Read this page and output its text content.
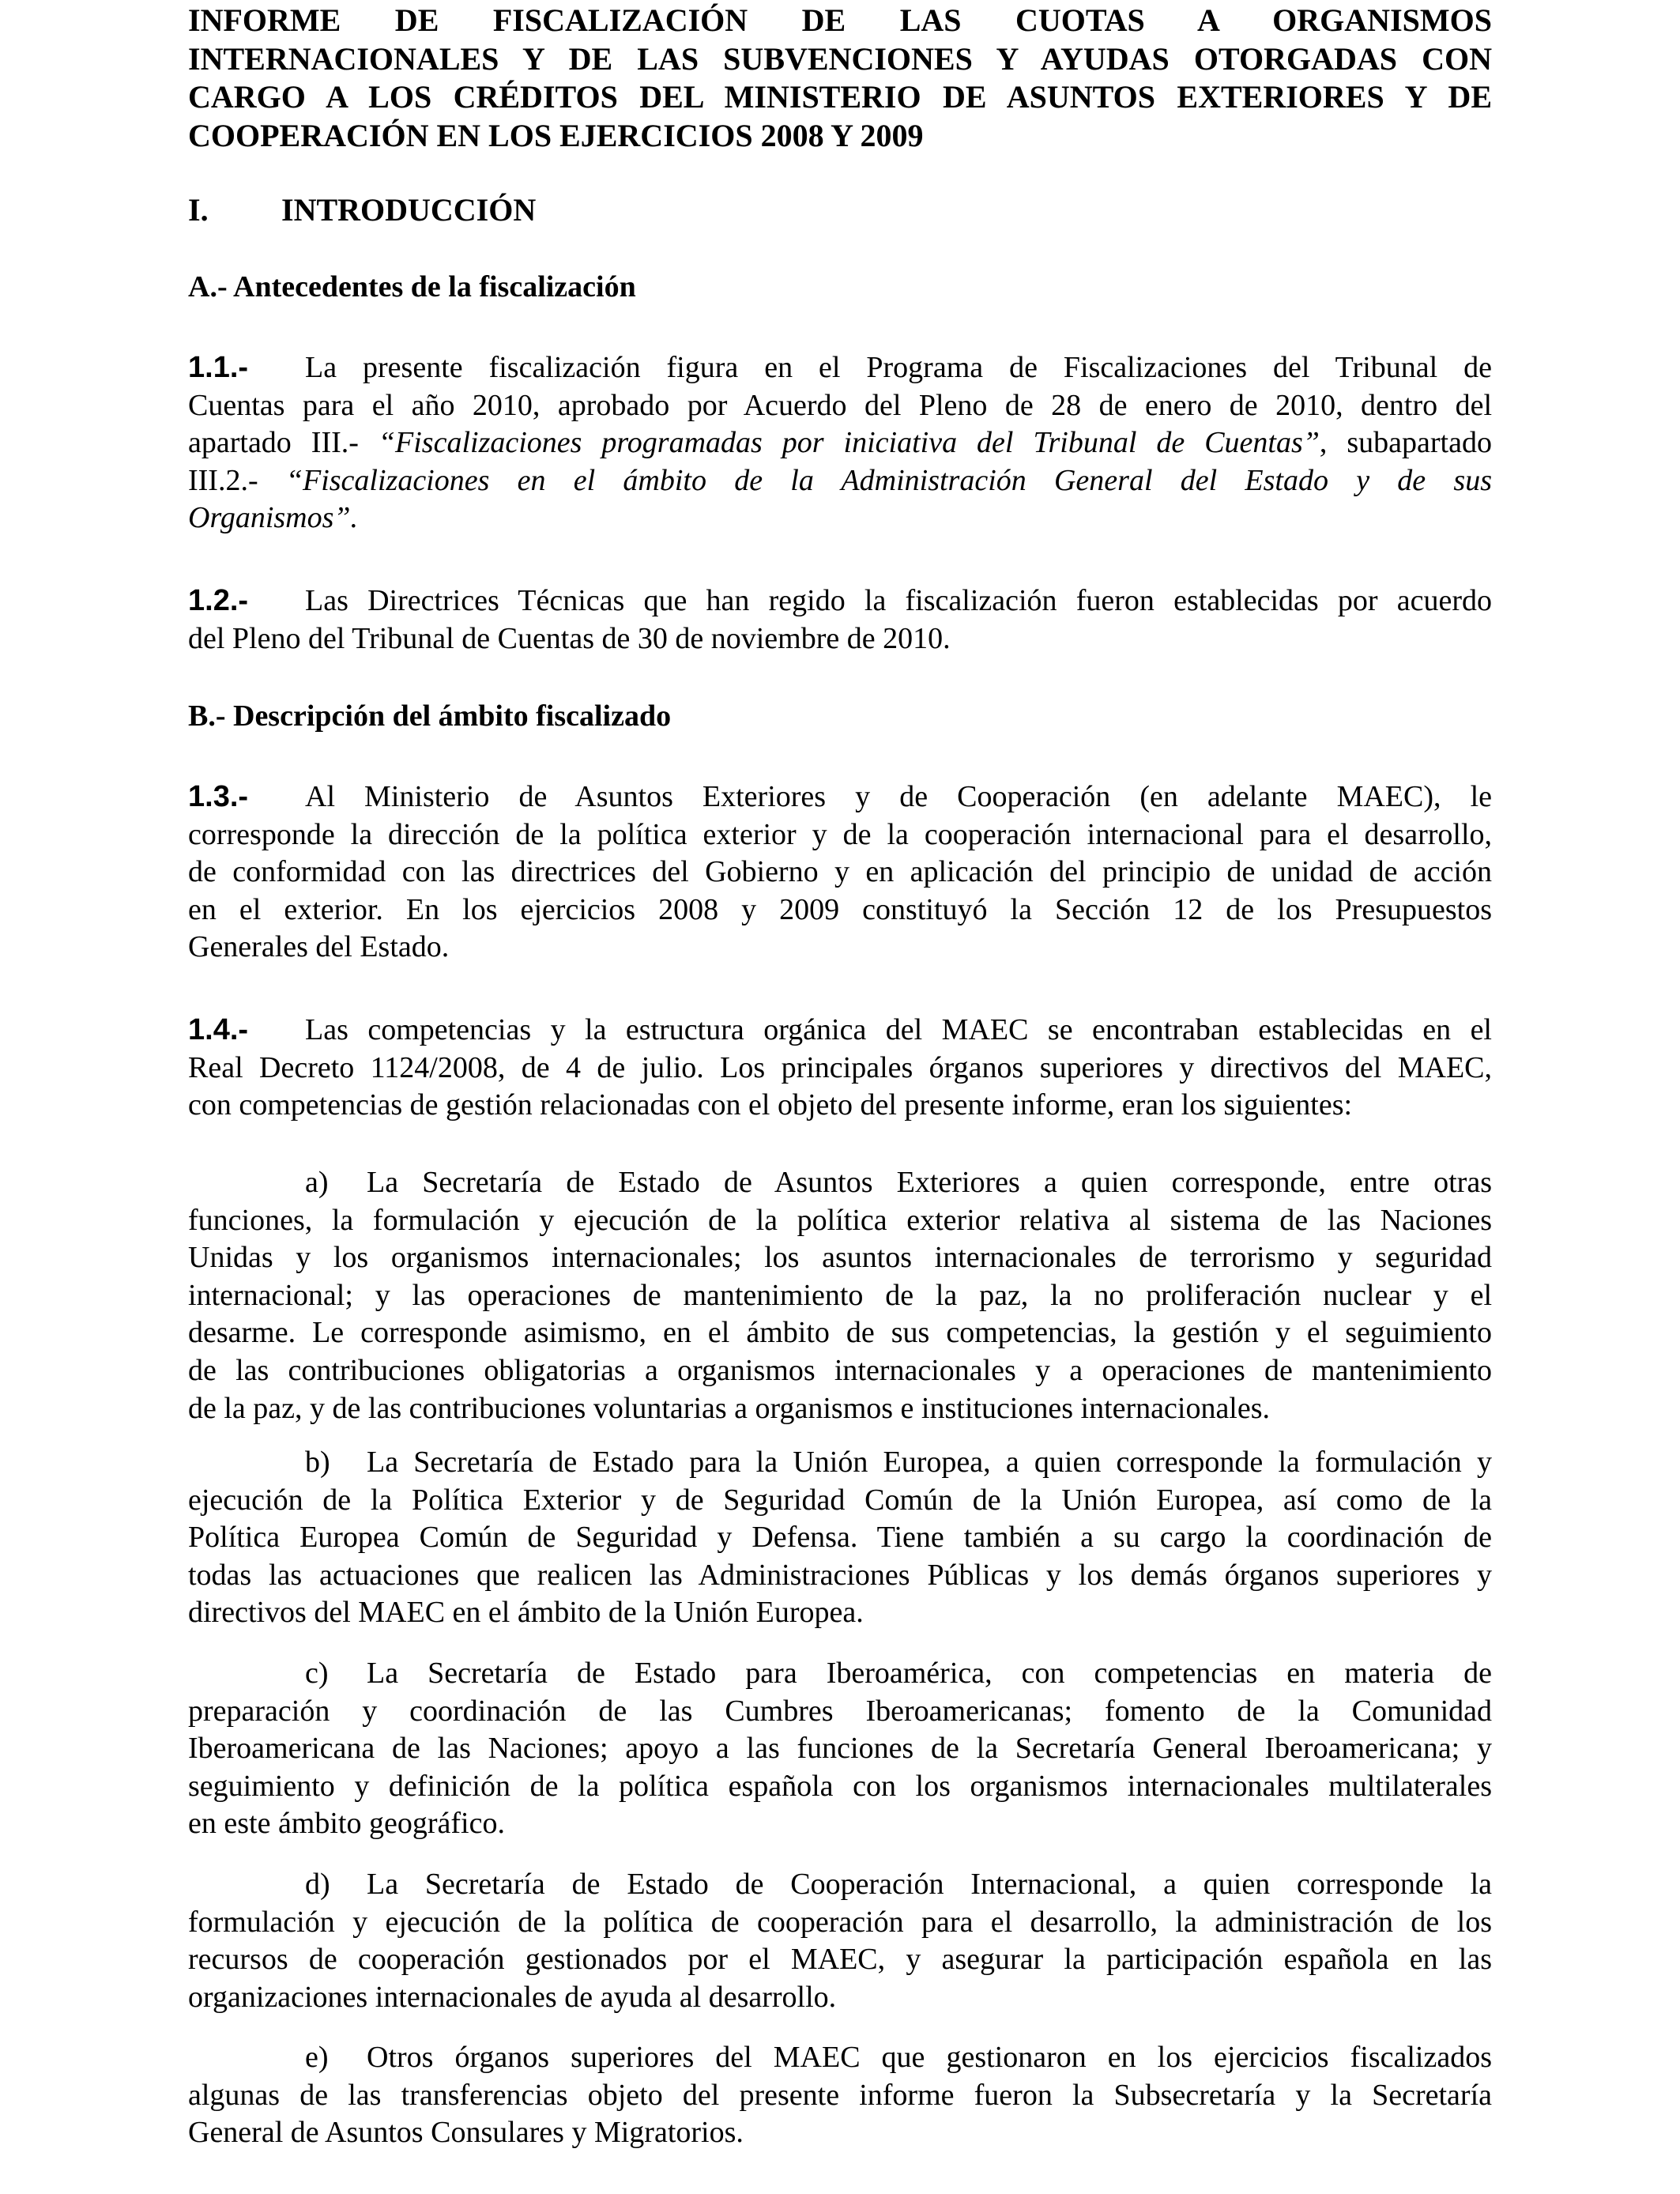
INFORME DE FISCALIZACIÓN DE LAS CUOTAS A ORGANISMOS
INTERNACIONALES Y DE LAS SUBVENCIONES Y AYUDAS OTORGADAS CON
CARGO A LOS CRÉDITOS DEL MINISTERIO DE ASUNTOS EXTERIORES Y DE
COOPERACIÓN EN LOS EJERCICIOS 2008 Y 2009
I. INTRODUCCIÓN
A.- Antecedentes de la fiscalización
1.1.- La presente fiscalización figura en el Programa de Fiscalizaciones del Tribunal de
Cuentas para el año 2010, aprobado por Acuerdo del Pleno de 28 de enero de 2010, dentro del
apartado III.- “Fiscalizaciones programadas por iniciativa del Tribunal de Cuentas”, subapartado
III.2.- “Fiscalizaciones en el ámbito de la Administración General del Estado y de sus
Organismos”.
1.2.- Las Directrices Técnicas que han regido la fiscalización fueron establecidas por acuerdo
del Pleno del Tribunal de Cuentas de 30 de noviembre de 2010.
B.- Descripción del ámbito fiscalizado
1.3.- Al Ministerio de Asuntos Exteriores y de Cooperación (en adelante MAEC), le
corresponde la dirección de la política exterior y de la cooperación internacional para el desarrollo,
de conformidad con las directrices del Gobierno y en aplicación del principio de unidad de acción
en el exterior. En los ejercicios 2008 y 2009 constituyó la Sección 12 de los Presupuestos
Generales del Estado.
1.4.- Las competencias y la estructura orgánica del MAEC se encontraban establecidas en el
Real Decreto 1124/2008, de 4 de julio. Los principales órganos superiores y directivos del MAEC,
con competencias de gestión relacionadas con el objeto del presente informe, eran los siguientes:
a) La Secretaría de Estado de Asuntos Exteriores a quien corresponde, entre otras
funciones, la formulación y ejecución de la política exterior relativa al sistema de las Naciones
Unidas y los organismos internacionales; los asuntos internacionales de terrorismo y seguridad
internacional; y las operaciones de mantenimiento de la paz, la no proliferación nuclear y el
desarme. Le corresponde asimismo, en el ámbito de sus competencias, la gestión y el seguimiento
de las contribuciones obligatorias a organismos internacionales y a operaciones de mantenimiento
de la paz, y de las contribuciones voluntarias a organismos e instituciones internacionales.
b) La Secretaría de Estado para la Unión Europea, a quien corresponde la formulación y
ejecución de la Política Exterior y de Seguridad Común de la Unión Europea, así como de la
Política Europea Común de Seguridad y Defensa. Tiene también a su cargo la coordinación de
todas las actuaciones que realicen las Administraciones Públicas y los demás órganos superiores y
directivos del MAEC en el ámbito de la Unión Europea.
c) La Secretaría de Estado para Iberoamérica, con competencias en materia de
preparación y coordinación de las Cumbres Iberoamericanas; fomento de la Comunidad
Iberoamericana de las Naciones; apoyo a las funciones de la Secretaría General Iberoamericana; y
seguimiento y definición de la política española con los organismos internacionales multilaterales
en este ámbito geográfico.
d) La Secretaría de Estado de Cooperación Internacional, a quien corresponde la
formulación y ejecución de la política de cooperación para el desarrollo, la administración de los
recursos de cooperación gestionados por el MAEC, y asegurar la participación española en las
organizaciones internacionales de ayuda al desarrollo.
e) Otros órganos superiores del MAEC que gestionaron en los ejercicios fiscalizados
algunas de las transferencias objeto del presente informe fueron la Subsecretaría y la Secretaría
General de Asuntos Consulares y Migratorios.
